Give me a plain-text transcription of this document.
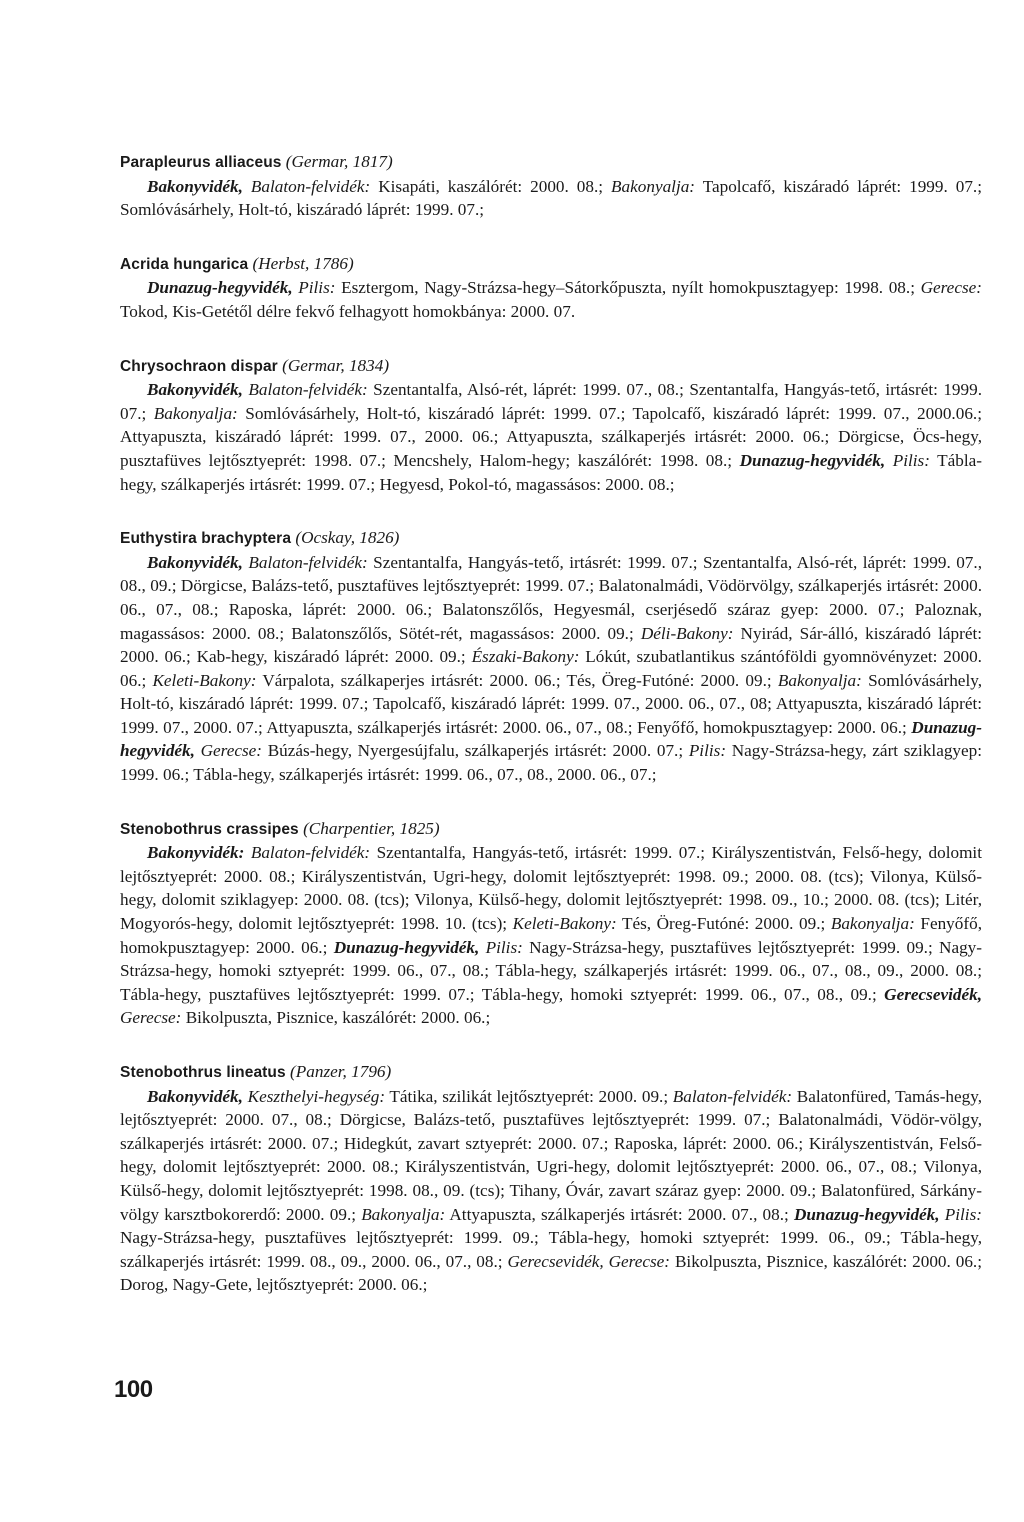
Parapleurus alliaceus (Germar, 1817)

Bakonyvidék, Balaton-felvidék: Kisapáti, kaszálórét: 2000. 08.; Bakonyalja: Tapolcafő, kiszáradó láprét: 1999. 07.; Somlóvásárhely, Holt-tó, kiszáradó láprét: 1999. 07.;

Acrida hungarica (Herbst, 1786)

Dunazug-hegyvidék, Pilis: Esztergom, Nagy-Strázsa-hegy–Sátorkőpuszta, nyílt homokpusztagyep: 1998. 08.; Gerecse: Tokod, Kis-Getétől délre fekvő felhagyott homokbánya: 2000. 07.

Chrysochraon dispar (Germar, 1834)

Bakonyvidék, Balaton-felvidék: Szentantalfa, Alsó-rét, láprét: 1999. 07., 08.; Szentantalfa, Hangyás-tető, irtásrét: 1999. 07.; Bakonyalja: Somlóvásárhely, Holt-tó, kiszáradó láprét: 1999. 07.; Tapolcafő, kiszáradó láprét: 1999. 07., 2000.06.; Attyapuszta, kiszáradó láprét: 1999. 07., 2000. 06.; Attyapuszta, szálkaperjés irtásrét: 2000. 06.; Dörgicse, Öcs-hegy, pusztafüves lejtősztyeprét: 1998. 07.; Mencshely, Halom-hegy; kaszálórét: 1998. 08.; Dunazug-hegyvidék, Pilis: Tábla-hegy, szálkaperjés irtásrét: 1999. 07.; Hegyesd, Pokol-tó, magassásos: 2000. 08.;

Euthystira brachyptera (Ocskay, 1826)

Bakonyvidék, Balaton-felvidék: Szentantalfa, Hangyás-tető, irtásrét: 1999. 07.; Szentantalfa, Alsó-rét, láprét: 1999. 07., 08., 09.; Dörgicse, Balázs-tető, pusztafüves lejtősztyeprét: 1999. 07.; Balatonalmádi, Vödörvölgy, szálkaperjés irtásrét: 2000. 06., 07., 08.; Raposka, láprét: 2000. 06.; Balatonszőlős, Hegyesmál, cserjésedő száraz gyep: 2000. 07.; Paloznak, magassásos: 2000. 08.; Balatonszőlős, Sötét-rét, magassásos: 2000. 09.; Déli-Bakony: Nyirád, Sár-álló, kiszáradó láprét: 2000. 06.; Kab-hegy, kiszáradó láprét: 2000. 09.; Északi-Bakony: Lókút, szubatlantikus szántóföldi gyomnövényzet: 2000. 06.; Keleti-Bakony: Várpalota, szálkaperjes irtásrét: 2000. 06.; Tés, Öreg-Futóné: 2000. 09.; Bakonyalja: Somlóvásárhely, Holt-tó, kiszáradó láprét: 1999. 07.; Tapolcafő, kiszáradó láprét: 1999. 07., 2000. 06., 07., 08; Attyapuszta, kiszáradó láprét: 1999. 07., 2000. 07.; Attyapuszta, szálkaperjés irtásrét: 2000. 06., 07., 08.; Fenyőfő, homokpusztagyep: 2000. 06.; Dunazug-hegyvidék, Gerecse: Búzás-hegy, Nyergesújfalu, szálkaperjés irtásrét: 2000. 07.; Pilis: Nagy-Strázsa-hegy, zárt sziklagyep: 1999. 06.; Tábla-hegy, szálkaperjés irtásrét: 1999. 06., 07., 08., 2000. 06., 07.;

Stenobothrus crassipes (Charpentier, 1825)

Bakonyvidék: Balaton-felvidék: Szentantalfa, Hangyás-tető, irtásrét: 1999. 07.; Királyszentistván, Felső-hegy, dolomit lejtősztyeprét: 2000. 08.; Királyszentistván, Ugri-hegy, dolomit lejtősztyeprét: 1998. 09.; 2000. 08. (tcs); Vilonya, Külső-hegy, dolomit sziklagyep: 2000. 08. (tcs); Vilonya, Külső-hegy, dolomit lejtősztyeprét: 1998. 09., 10.; 2000. 08. (tcs); Litér, Mogyorós-hegy, dolomit lejtősztyeprét: 1998. 10. (tcs); Keleti-Bakony: Tés, Öreg-Futóné: 2000. 09.; Bakonyalja: Fenyőfő, homokpusztagyep: 2000. 06.; Dunazug-hegyvidék, Pilis: Nagy-Strázsa-hegy, pusztafüves lejtősztyeprét: 1999. 09.; Nagy-Strázsa-hegy, homoki sztyeprét: 1999. 06., 07., 08.; Tábla-hegy, szálkaperjés irtásrét: 1999. 06., 07., 08., 09., 2000. 08.; Tábla-hegy, pusztafüves lejtősztyeprét: 1999. 07.; Tábla-hegy, homoki sztyeprét: 1999. 06., 07., 08., 09.; Gerecsevidék, Gerecse: Bikolpuszta, Pisznice, kaszálórét: 2000. 06.;

Stenobothrus lineatus (Panzer, 1796)

Bakonyvidék, Keszthelyi-hegység: Tátika, szilikát lejtősztyeprét: 2000. 09.; Balaton-felvidék: Balatonfüred, Tamás-hegy, lejtősztyeprét: 2000. 07., 08.; Dörgicse, Balázs-tető, pusztafüves lejtősztyeprét: 1999. 07.; Balatonalmádi, Vödör-völgy, szálkaperjés irtásrét: 2000. 07.; Hidegkút, zavart sztyeprét: 2000. 07.; Raposka, láprét: 2000. 06.; Királyszentistván, Felső-hegy, dolomit lejtősztyeprét: 2000. 08.; Királyszentistván, Ugri-hegy, dolomit lejtősztyeprét: 2000. 06., 07., 08.; Vilonya, Külső-hegy, dolomit lejtősztyeprét: 1998. 08., 09. (tcs); Tihany, Óvár, zavart száraz gyep: 2000. 09.; Balatonfüred, Sárkány-völgy karsztbokorerdő: 2000. 09.; Bakonyalja: Attyapuszta, szálkaperjés irtásrét: 2000. 07., 08.; Dunazug-hegyvidék, Pilis: Nagy-Strázsa-hegy, pusztafüves lejtősztyeprét: 1999. 09.; Tábla-hegy, homoki sztyeprét: 1999. 06., 09.; Tábla-hegy, szálkaperjés irtásrét: 1999. 08., 09., 2000. 06., 07., 08.; Gerecsevidék, Gerecse: Bikolpuszta, Pisznice, kaszálórét: 2000. 06.; Dorog, Nagy-Gete, lejtősztyeprét: 2000. 06.;

100
